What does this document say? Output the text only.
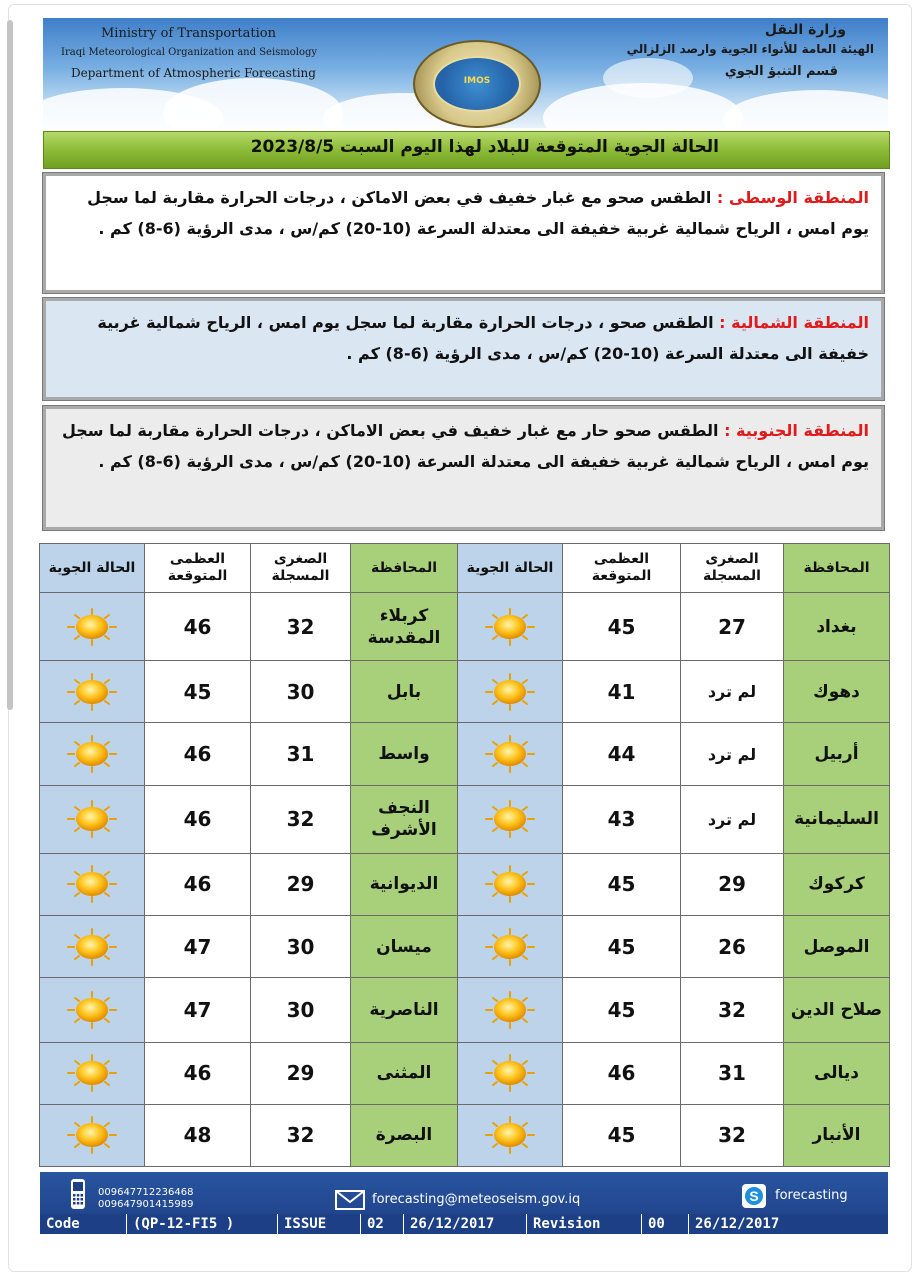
Ministry of Transportation
Iraqi Meteorological Organization and Seismology
Department of Atmospheric Forecasting
وزارة النقل
الهيئة العامة للأنواء الجوية وارصد الزلزالي
قسم التنبؤ الجوي
IMOS
الحالة الجوية المتوقعة للبلاد لهذا اليوم السبت 2023/8/5
المنطقة الوسطى : الطقس صحو مع غبار خفيف في بعض الاماكن ، درجات الحرارة مقاربة لما سجل يوم امس ، الرياح شمالية غربية خفيفة الى معتدلة السرعة (10-20) كم/س ، مدى الرؤية (6-8) كم .
المنطقة الشمالية : الطقس صحو ، درجات الحرارة مقاربة لما سجل يوم امس ، الرياح شمالية غربية خفيفة الى معتدلة السرعة (10-20) كم/س ، مدى الرؤية (6-8) كم .
المنطقة الجنوبية : الطقس صحو حار مع غبار خفيف في بعض الاماكن ، درجات الحرارة مقاربة لما سجل يوم امس ، الرياح شمالية غربية خفيفة الى معتدلة السرعة (10-20) كم/س ، مدى الرؤية (6-8) كم .
المحافظة	الصغرى المسجلة	العظمى المتوقعة	الحالة الجوية	المحافظة	الصغرى المسجلة	العظمى المتوقعة	الحالة الجوية
بغداد	27	45		كربلاء المقدسة	32	46	

دهوك	لم ترد	41		بابل	30	45	

أربيل	لم ترد	44		واسط	31	46	

السليمانية	لم ترد	43		النجف الأشرف	32	46	

كركوك	29	45		الديوانية	29	46	

الموصل	26	45		ميسان	30	47	

صلاح الدين	32	45		الناصرية	30	47	

ديالى	31	46		المثنى	29	46	

الأنبار	32	45		البصرة	32	48	
009647712236468
009647901415989	forecasting@meteoseism.gov.iq	S forecasting
Code	(QP-12-FI5 )	ISSUE	02	26/12/2017	Revision	00	26/12/2017
